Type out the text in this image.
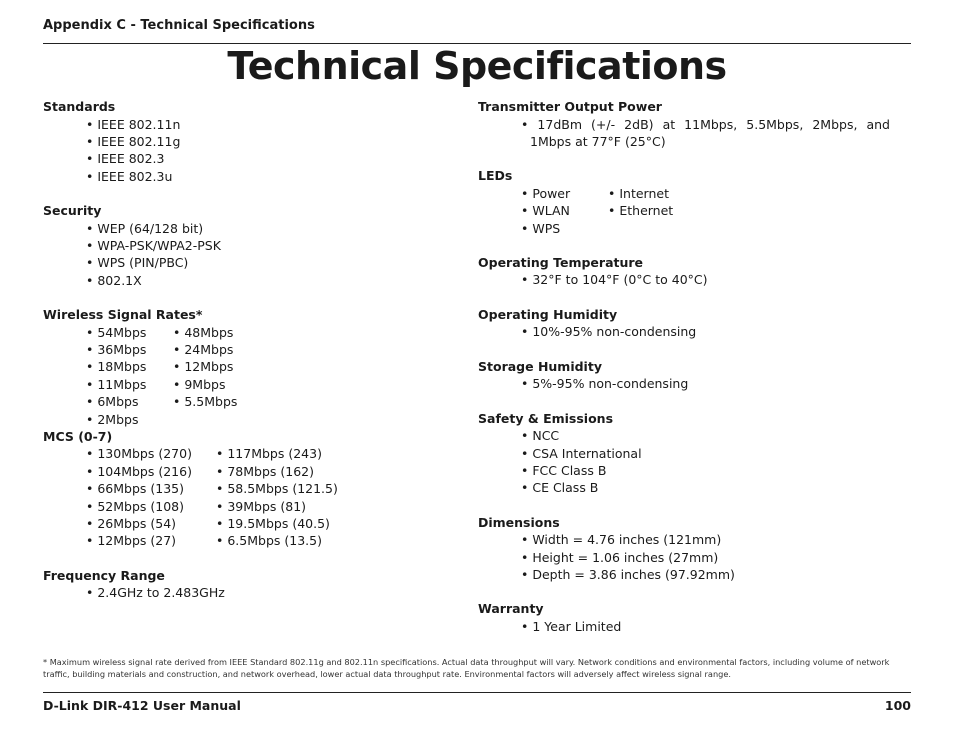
Appendix C - Technical Specifications
Technical Specifications
Standards
• IEEE 802.11n
• IEEE 802.11g
• IEEE 802.3
• IEEE 802.3u
Security
• WEP (64/128 bit)
• WPA-PSK/WPA2-PSK
• WPS (PIN/PBC)
• 802.1X
Wireless Signal Rates*
• 54Mbps	• 48Mbps
• 36Mbps	• 24Mbps
• 18Mbps	• 12Mbps
• 11Mbps	• 9Mbps
• 6Mbps	• 5.5Mbps
• 2Mbps
MCS (0-7)
• 130Mbps (270)	• 117Mbps (243)
• 104Mbps (216)	• 78Mbps (162)
• 66Mbps (135)	• 58.5Mbps (121.5)
• 52Mbps (108)	• 39Mbps (81)
• 26Mbps (54)	• 19.5Mbps (40.5)
• 12Mbps (27)	• 6.5Mbps (13.5)
Frequency Range
• 2.4GHz to 2.483GHz
Transmitter Output Power
• 17dBm (+/- 2dB) at 11Mbps, 5.5Mbps, 2Mbps, and 1Mbps at 77°F (25°C)
LEDs
• Power	• Internet
• WLAN	• Ethernet
• WPS
Operating Temperature
• 32°F to 104°F (0°C to 40°C)
Operating Humidity
• 10%-95% non-condensing
Storage Humidity
• 5%-95% non-condensing
Safety & Emissions
• NCC
• CSA International
• FCC Class B
• CE Class B
Dimensions
• Width = 4.76 inches (121mm)
• Height = 1.06 inches (27mm)
• Depth = 3.86 inches (97.92mm)
Warranty
• 1 Year Limited
* Maximum wireless signal rate derived from IEEE Standard 802.11g and 802.11n specifications. Actual data throughput will vary. Network conditions and environmental factors, including volume of network traffic, building materials and construction, and network overhead, lower actual data throughput rate. Environmental factors will adversely affect wireless signal range.
D-Link DIR-412 User Manual	100
